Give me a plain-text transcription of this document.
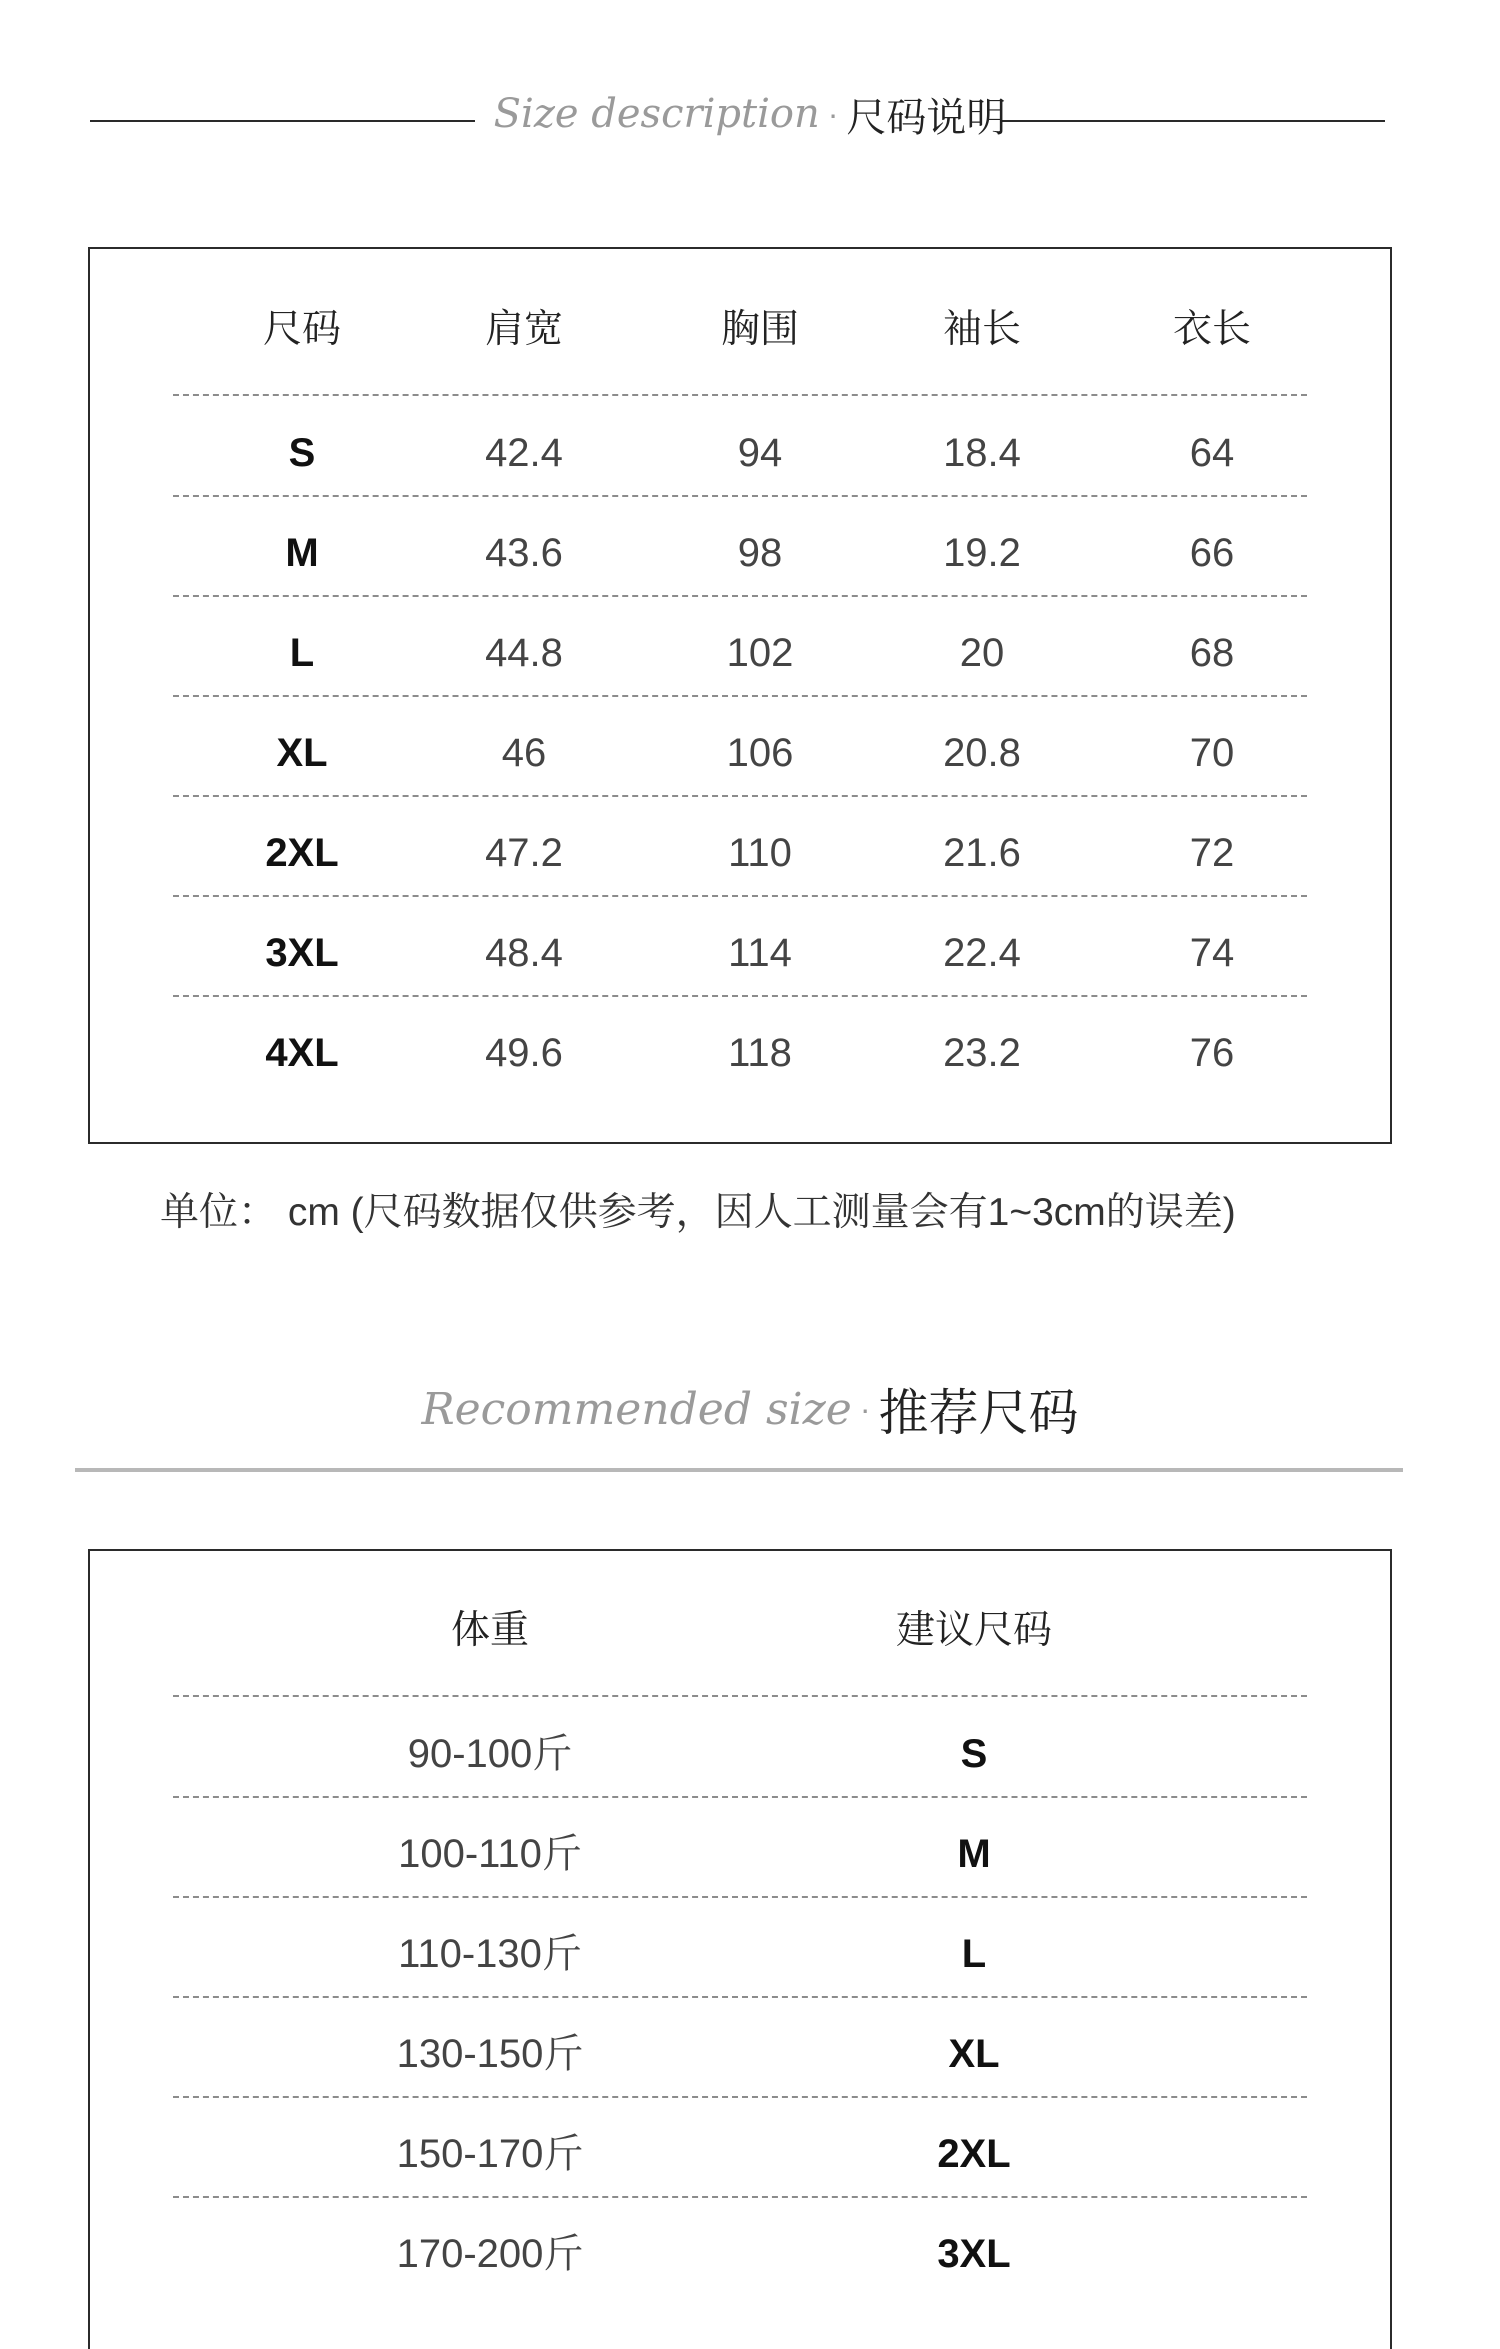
Size description · 尺码说明
尺码	肩宽	胸围	袖长	衣长
S	42.4	94	18.4	64
M	43.6	98	19.2	66
L	44.8	102	20	68
XL	46	106	20.8	70
2XL	47.2	110	21.6	72
3XL	48.4	114	22.4	74
4XL	49.6	118	23.2	76
单位： cm (尺码数据仅供参考，因人工测量会有1~3cm的误差)
Recommended size · 推荐尺码
体重	建议尺码
90-100斤	S
100-110斤	M
110-130斤	L
130-150斤	XL
150-170斤	2XL
170-200斤	3XL
